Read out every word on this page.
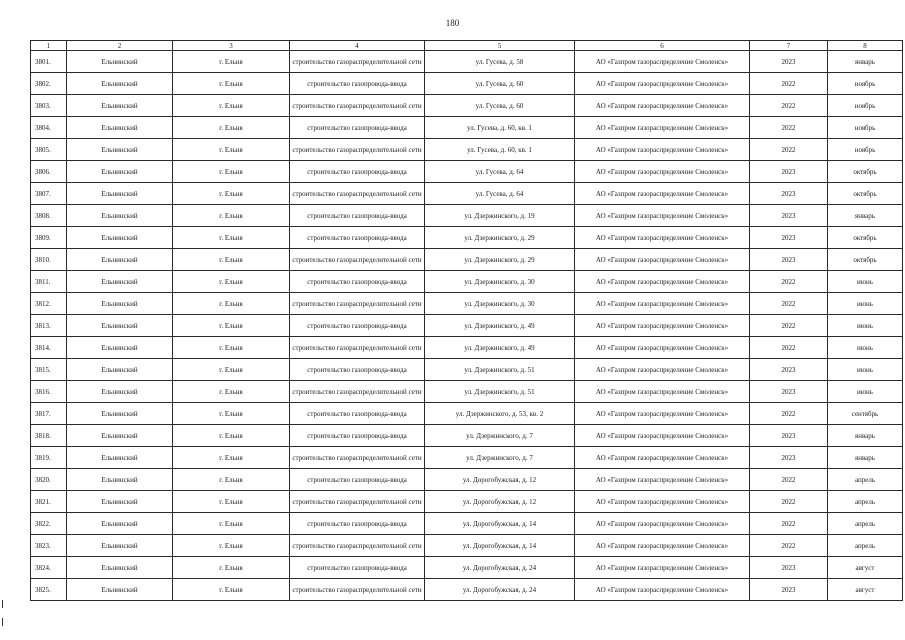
180
1	2	3	4	5	6	7	8
3801.	Ельнинский	г. Ельня	строительство газораспределительной сети	ул. Гусева, д. 58	АО «Газпром газораспределение Смоленск»	2023	январь
3802.	Ельнинский	г. Ельня	строительство газопровода-ввода	ул. Гусева, д. 60	АО «Газпром газораспределение Смоленск»	2022	ноябрь
3803.	Ельнинский	г. Ельня	строительство газораспределительной сети	ул. Гусева, д. 60	АО «Газпром газораспределение Смоленск»	2022	ноябрь
3804.	Ельнинский	г. Ельня	строительство газопровода-ввода	ул. Гусева, д. 60, кв. 1	АО «Газпром газораспределение Смоленск»	2022	ноябрь
3805.	Ельнинский	г. Ельня	строительство газораспределительной сети	ул. Гусева, д. 60, кв. 1	АО «Газпром газораспределение Смоленск»	2022	ноябрь
3806.	Ельнинский	г. Ельня	строительство газопровода-ввода	ул. Гусева, д. 64	АО «Газпром газораспределение Смоленск»	2023	октябрь
3807.	Ельнинский	г. Ельня	строительство газораспределительной сети	ул. Гусева, д. 64	АО «Газпром газораспределение Смоленск»	2023	октябрь
3808.	Ельнинский	г. Ельня	строительство газопровода-ввода	ул. Дзержинского, д. 19	АО «Газпром газораспределение Смоленск»	2023	январь
3809.	Ельнинский	г. Ельня	строительство газопровода-ввода	ул. Дзержинского, д. 29	АО «Газпром газораспределение Смоленск»	2023	октябрь
3810.	Ельнинский	г. Ельня	строительство газораспределительной сети	ул. Дзержинского, д. 29	АО «Газпром газораспределение Смоленск»	2023	октябрь
3811.	Ельнинский	г. Ельня	строительство газопровода-ввода	ул. Дзержинского, д. 30	АО «Газпром газораспределение Смоленск»	2022	июнь
3812.	Ельнинский	г. Ельня	строительство газораспределительной сети	ул. Дзержинского, д. 30	АО «Газпром газораспределение Смоленск»	2022	июнь
3813.	Ельнинский	г. Ельня	строительство газопровода-ввода	ул. Дзержинского, д. 49	АО «Газпром газораспределение Смоленск»	2022	июнь
3814.	Ельнинский	г. Ельня	строительство газораспределительной сети	ул. Дзержинского, д. 49	АО «Газпром газораспределение Смоленск»	2022	июнь
3815.	Ельнинский	г. Ельня	строительство газопровода-ввода	ул. Дзержинского, д. 51	АО «Газпром газораспределение Смоленск»	2023	июнь
3816.	Ельнинский	г. Ельня	строительство газораспределительной сети	ул. Дзержинского, д. 51	АО «Газпром газораспределение Смоленск»	2023	июнь
3817.	Ельнинский	г. Ельня	строительство газопровода-ввода	ул. Дзержинского, д. 53, кв. 2	АО «Газпром газораспределение Смоленск»	2022	сентябрь
3818.	Ельнинский	г. Ельня	строительство газопровода-ввода	ул. Дзержинского, д. 7	АО «Газпром газораспределение Смоленск»	2023	январь
3819.	Ельнинский	г. Ельня	строительство газораспределительной сети	ул. Дзержинского, д. 7	АО «Газпром газораспределение Смоленск»	2023	январь
3820.	Ельнинский	г. Ельня	строительство газопровода-ввода	ул. Дорогобужская, д. 12	АО «Газпром газораспределение Смоленск»	2022	апрель
3821.	Ельнинский	г. Ельня	строительство газораспределительной сети	ул. Дорогобужская, д. 12	АО «Газпром газораспределение Смоленск»	2022	апрель
3822.	Ельнинский	г. Ельня	строительство газопровода-ввода	ул. Дорогобужская, д. 14	АО «Газпром газораспределение Смоленск»	2022	апрель
3823.	Ельнинский	г. Ельня	строительство газораспределительной сети	ул. Дорогобужская, д. 14	АО «Газпром газораспределение Смоленск»	2022	апрель
3824.	Ельнинский	г. Ельня	строительство газопровода-ввода	ул. Дорогобужская, д. 24	АО «Газпром газораспределение Смоленск»	2023	август
3825.	Ельнинский	г. Ельня	строительство газораспределительной сети	ул. Дорогобужская, д. 24	АО «Газпром газораспределение Смоленск»	2023	август
